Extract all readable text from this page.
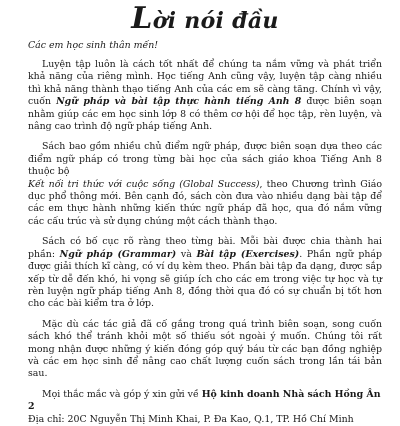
Lời nói đầu
Các em học sinh thân mến!

Luyện tập luôn là cách tốt nhất để chúng ta nắm vững và phát triển khả năng của riêng mình. Học tiếng Anh cũng vậy, luyện tập càng nhiều thì khả năng thành thạo tiếng Anh của các em sẽ càng tăng. Chính vì vậy, cuốn Ngữ pháp và bài tập thực hành tiếng Anh 8 được biên soạn nhằm giúp các em học sinh lớp 8 có thêm cơ hội để học tập, rèn luyện, và nâng cao trình độ ngữ pháp tiếng Anh.

Sách bao gồm nhiều chủ điểm ngữ pháp, được biên soạn dựa theo các điểm ngữ pháp có trong từng bài học của sách giáo khoa Tiếng Anh 8 thuộc bộ
Kết nối tri thức với cuộc sống (Global Success), theo Chương trình Giáo dục phổ thông mới. Bên cạnh đó, sách còn đưa vào nhiều dạng bài tập để các em thực hành những kiến thức ngữ pháp đã học, qua đó nắm vững các cấu trúc và sử dụng chúng một cách thành thạo.

Sách có bố cục rõ ràng theo từng bài. Mỗi bài được chia thành hai phần: Ngữ pháp (Grammar) và Bài tập (Exercises). Phần ngữ pháp được giải thích kĩ càng, có ví dụ kèm theo. Phần bài tập đa dạng, được sắp xếp từ dễ đến khó, hi vọng sẽ giúp ích cho các em trong việc tự học và tự rèn luyện ngữ pháp tiếng Anh 8, đồng thời qua đó có sự chuẩn bị tốt hơn cho các bài kiểm tra ở lớp.

Mặc dù các tác giả đã cố gắng trong quá trình biên soạn, song cuốn sách khó thể tránh khỏi một số thiếu sót ngoài ý muốn. Chúng tôi rất mong nhận được những ý kiến đóng góp quý báu từ các bạn đồng nghiệp và các em học sinh để nâng cao chất lượng cuốn sách trong lần tái bản sau.

Mọi thắc mắc và góp ý xin gửi về Hộ kinh doanh Nhà sách Hồng Ân 2

Địa chỉ: 20C Nguyễn Thị Minh Khai, P. Đa Kao, Q.1, TP. Hồ Chí Minh
